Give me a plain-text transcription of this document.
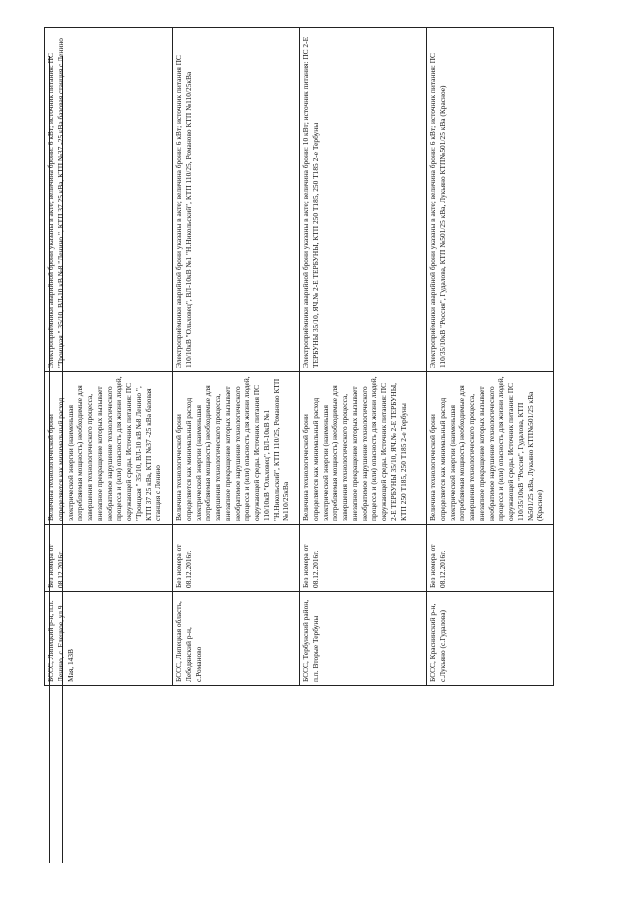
БССС, Липецкий р-н, п.п. Ленино, с. Елецкое, ул.9 Мая, 143В	Без номера от 08.12.2016г.	Величина технологической брони определяется как минимальный расход электрической энергии (наименьшая потребляемая мощность) необходимые для завершения технологического процесса, внезапное прекращение которых вызывает необратимое нарушение технологического процесса и (или) опасность для жизни людей, окружающей среды. Источник питания: ПС "Троицкая " 35/10, ВЛ-10 кВ №8 Ленино ", КТП 37 25 кВа, КТП №37 -25 кВа базовая станция с Ленино	Электроприёмники аварийной брони указаны в акте; величина брони: 6 кВт; источник питания: ПС "Троицкая " 35/10, ВЛ-10 кВ №8 "Ленино ", КТП 37 25 кВа, КТП №37 -25 кВа базовая станция с Ленино
БССС, Липецкая область, Лебедянский р-н, с.Романово	Без номера от 08.12.2016г.	Величина технологической брони определяется как минимальный расход электрической энергии (наименьшая потребляемая мощность) необходимые для завершения технологического процесса, внезапное прекращение которых вызывает необратимое нарушение технологического процесса и (или) опасность для жизни людей, окружающей среды. Источник питания ПС 110/10кВ "Ольховец", ВЛ-10кВ №1 "Н.Никольский", КТП 110/25, Романово КТП №110/25кВа	Электроприёмники аварийной брони указаны в акте; величина брони: 6 кВт; источник питания ПС 110/10кВ "Ольховец", ВЛ-10кВ №1 "Н.Никольский", КТП 110/25, Романово КТП №110/25кВа
БССС, Тербунский район, п.п. Вторые Тербуны	Без номера от 08.12.2016г.	Величина технологической брони определяется как минимальный расход электрической энергии (наименьшая потребляемая мощность) необходимые для завершения технологического процесса, внезапное прекращение которых вызывает необратимое нарушение технологического процесса и (или) опасность для жизни людей, окружающей среды. Источник питания: ПС 2-Е ТЕРБУНЫ 35/10, ЯЧ.№ 2-Е ТЕРБУНЫ, КТП 250 Т185, 250 Т185 2-е Тербуны	Электроприёмники аварийной брони указаны в акте; величина брони: 10 кВт; источник питания: ПС 2-Е ТЕРБУНЫ 35/10, ЯЧ.№ 2-Е ТЕРБУНЫ, КТП 250 Т185, 250 Т185 2-е Тербуны
БССС, Краснинский р-н, с.Лукьяно (с.Гудалова)	Без номера от 08.12.2016г.	Величина технологической брони определяется как минимальный расход электрической энергии (наименьшая потребляемая мощность) необходимые для завершения технологического процесса, внезапное прекращение которых вызывает необратимое нарушение технологического процесса и (или) опасность для жизни людей, окружающей среды. Источник питания: ПС 110/35/10кВ "Россия", Гудалова, КТП №501/25 кВа, Лукьяно КТП№501/25 кВа (Красное)	Электроприёмники аварийной брони указаны в акте; величина брони: 6 кВт; источник питания: ПС 110/35/10кВ "Россия", Гудалова, КТП №501/25 кВа, Лукьяно КТП№501/25 кВа (Красное)
